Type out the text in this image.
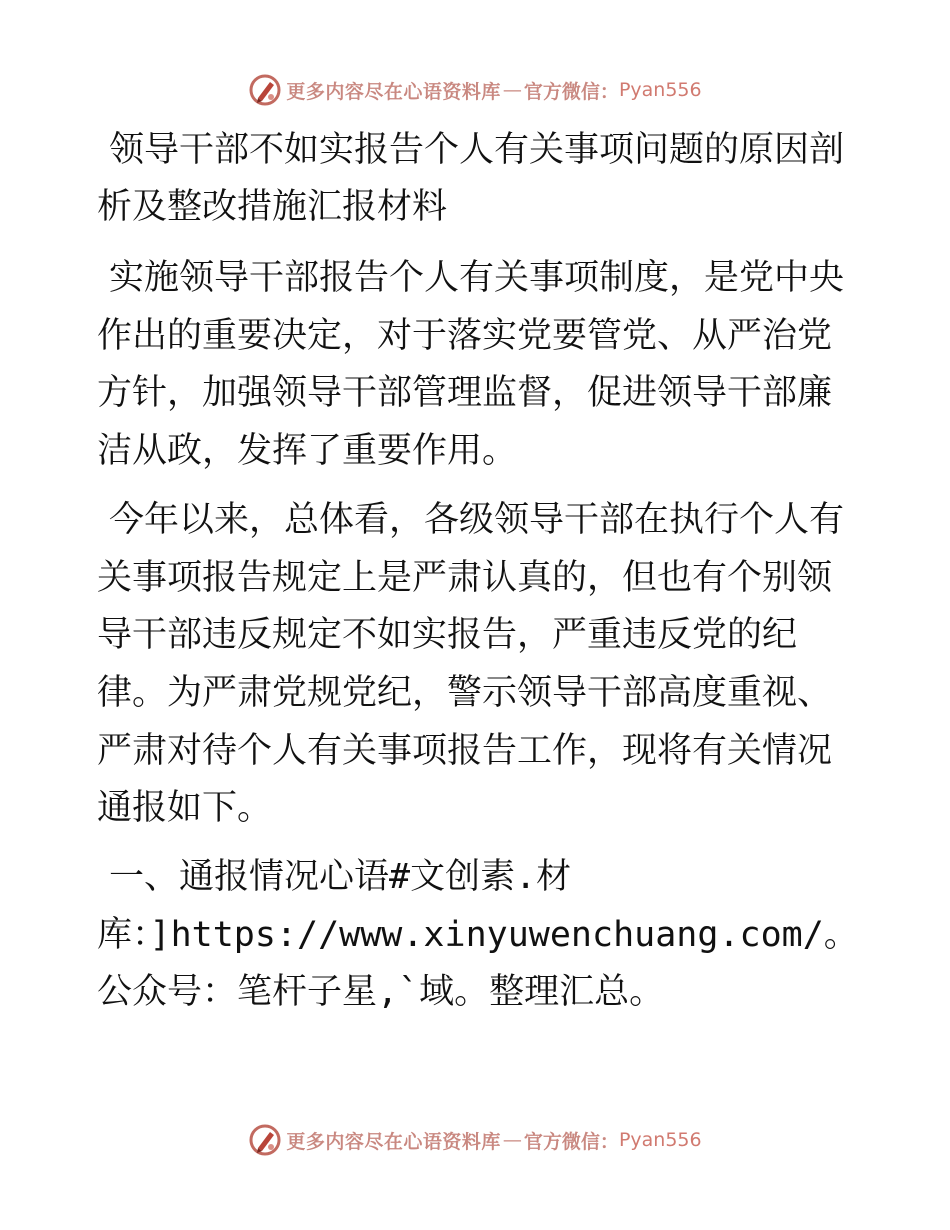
更多内容尽在心语资料库 — 官方微信： Pyan556
领导干部不如实报告个人有关事项问题的原因剖析及整改措施汇报材料
实施领导干部报告个人有关事项制度，是党中央作出的重要决定，对于落实党要管党、从严治党方针，加强领导干部管理监督，促进领导干部廉洁从政，发挥了重要作用。
今年以来，总体看，各级领导干部在执行个人有关事项报告规定上是严肃认真的，但也有个别领导干部违反规定不如实报告，严重违反党的纪律。为严肃党规党纪，警示领导干部高度重视、严肃对待个人有关事项报告工作，现将有关情况通报如下。
一、通报情况心语#文创素.材库：]https://www.xinyuwenchuang.com/。公众号：笔杆子星,`域。整理汇总。
更多内容尽在心语资料库 — 官方微信： Pyan556
